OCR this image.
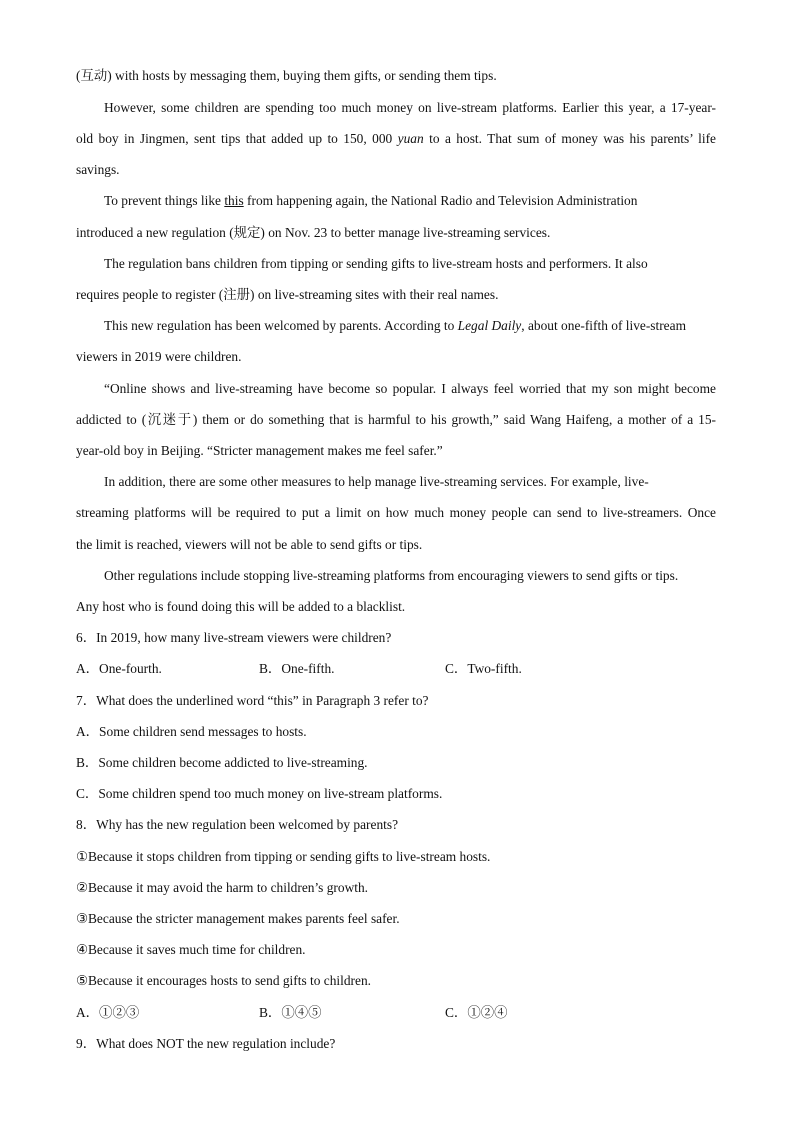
(互动) with hosts by messaging them, buying them gifts, or sending them tips.
However, some children are spending too much money on live-stream platforms. Earlier this year, a 17-year-
old boy in Jingmen, sent tips that added up to 150, 000 yuan to a host. That sum of money was his parents’ life
savings.
To prevent things like this from happening again, the National Radio and Television Administration
introduced a new regulation (规定) on Nov. 23 to better manage live-streaming services.
The regulation bans children from tipping or sending gifts to live-stream hosts and performers. It also
requires people to register (注册) on live-streaming sites with their real names.
This new regulation has been welcomed by parents. According to Legal Daily, about one-fifth of live-stream
viewers in 2019 were children.
“Online shows and live-streaming have become so popular. I always feel worried that my son might become
addicted to (沉迷于) them or do something that is harmful to his growth,” said Wang Haifeng, a mother of a 15-
year-old boy in Beijing. “Stricter management makes me feel safer.”
In addition, there are some other measures to help manage live-streaming services. For example, live-
streaming platforms will be required to put a limit on how much money people can send to live-streamers. Once
the limit is reached, viewers will not be able to send gifts or tips.
Other regulations include stopping live-streaming platforms from encouraging viewers to send gifts or tips.
Any host who is found doing this will be added to a blacklist.
6．In 2019, how many live-stream viewers were children?
A．One-fourth.	B．One-fifth.	C．Two-fifth.
7．What does the underlined word “this” in Paragraph 3 refer to?
A．Some children send messages to hosts.
B．Some children become addicted to live-streaming.
C．Some children spend too much money on live-stream platforms.
8．Why has the new regulation been welcomed by parents?
①Because it stops children from tipping or sending gifts to live-stream hosts.
②Because it may avoid the harm to children’s growth.
③Because the stricter management makes parents feel safer.
④Because it saves much time for children.
⑤Because it encourages hosts to send gifts to children.
A．①②③	B．①④⑤	C．①②④
9．What does NOT the new regulation include?
